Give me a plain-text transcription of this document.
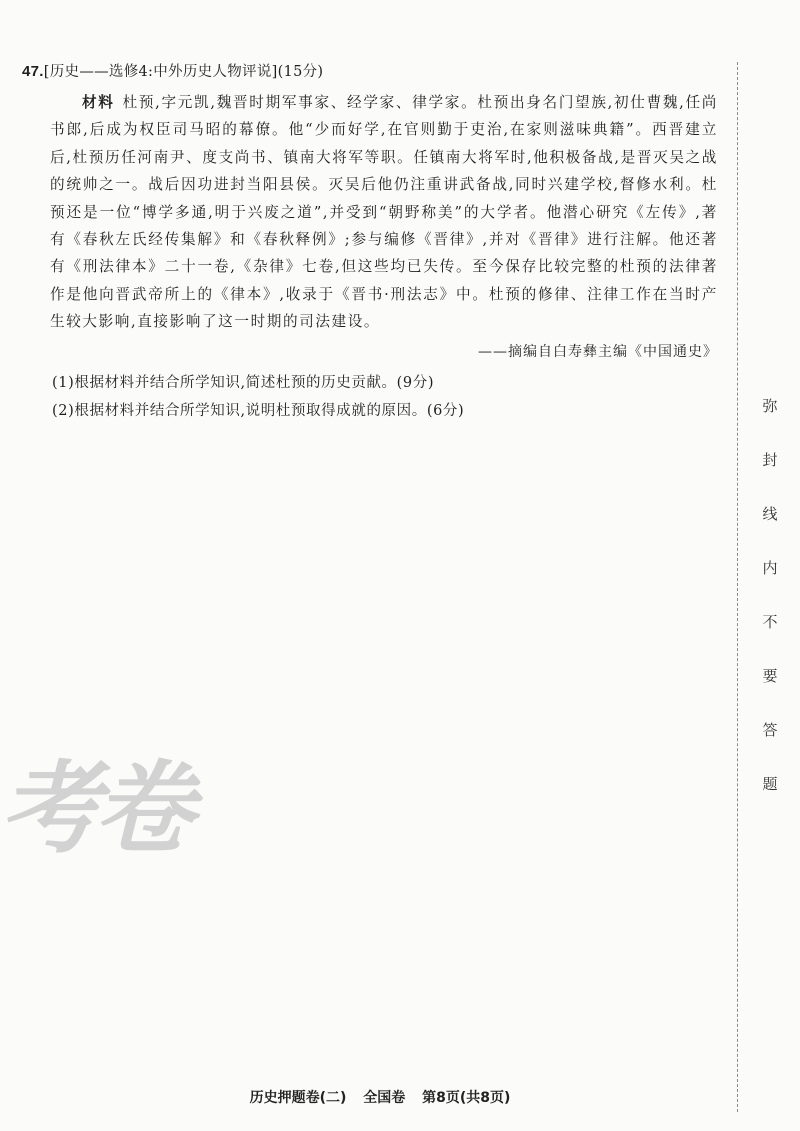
47.[历史——选修4:中外历史人物评说](15分)

材料 杜预,字元凯,魏晋时期军事家、经学家、律学家。杜预出身名门望族,初仕曹魏,任尚书郎,后成为权臣司马昭的幕僚。他“少而好学,在官则勤于吏治,在家则滋味典籍”。西晋建立后,杜预历任河南尹、度支尚书、镇南大将军等职。任镇南大将军时,他积极备战,是晋灭吴之战的统帅之一。战后因功进封当阳县侯。灭吴后他仍注重讲武备战,同时兴建学校,督修水利。杜预还是一位“博学多通,明于兴废之道”,并受到“朝野称美”的大学者。他潜心研究《左传》,著有《春秋左氏经传集解》和《春秋释例》;参与编修《晋律》,并对《晋律》进行注解。他还著有《刑法律本》二十一卷,《杂律》七卷,但这些均已失传。至今保存比较完整的杜预的法律著作是他向晋武帝所上的《律本》,收录于《晋书·刑法志》中。杜预的修律、注律工作在当时产生较大影响,直接影响了这一时期的司法建设。

——摘编自白寿彝主编《中国通史》
(1)根据材料并结合所学知识,简述杜预的历史贡献。(9分)
(2)根据材料并结合所学知识,说明杜预取得成就的原因。(6分)	弥
封
线
内
不
要
答
题
考卷
历史押题卷(二) 全国卷 第8页(共8页)
